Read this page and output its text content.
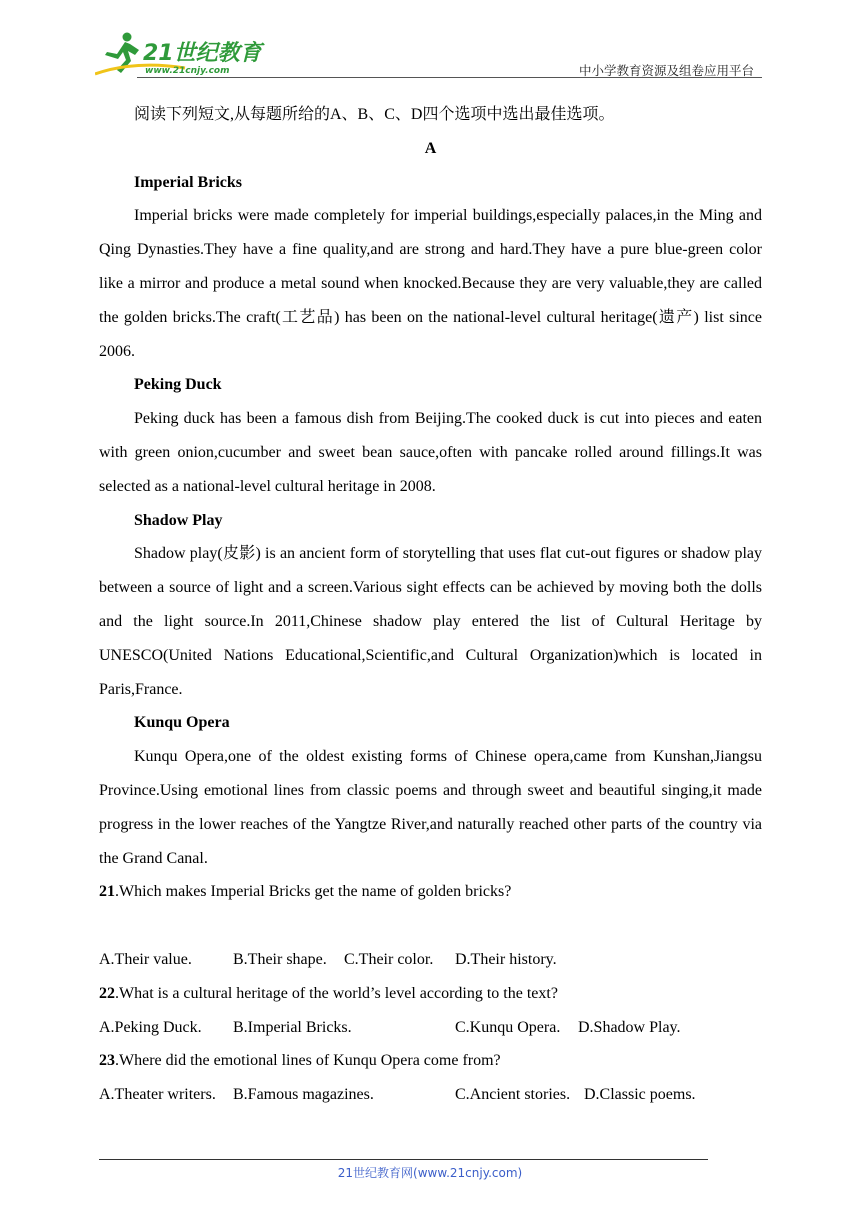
21世纪教育
www.21cnjy.com	中小学教育资源及组卷应用平台

阅读下列短文,从每题所给的A、B、C、D四个选项中选出最佳选项。

A

Imperial Bricks

Imperial bricks were made completely for imperial buildings,especially palaces,in the Ming and Qing Dynasties.They have a fine quality,and are strong and hard.They have a pure blue-green color like a mirror and produce a metal sound when knocked.Because they are very valuable,they are called the golden bricks.The craft(工艺品) has been on the national-level cultural heritage(遗产) list since 2006.

Peking Duck

Peking duck has been a famous dish from Beijing.The cooked duck is cut into pieces and eaten with green onion,cucumber and sweet bean sauce,often with pancake rolled around fillings.It was selected as a national-level cultural heritage in 2008.

Shadow Play

Shadow play(皮影) is an ancient form of storytelling that uses flat cut-out figures or shadow play between a source of light and a screen.Various sight effects can be achieved by moving both the dolls and the light source.In 2011,Chinese shadow play entered the list of Cultural Heritage by UNESCO(United Nations Educational,Scientific,and Cultural Organization)which is located in Paris,France.

Kunqu Opera

Kunqu Opera,one of the oldest existing forms of Chinese opera,came from Kunshan,Jiangsu Province.Using emotional lines from classic poems and through sweet and beautiful singing,it made progress in the lower reaches of the Yangtze River,and naturally reached other parts of the country via the Grand Canal.

21.Which makes Imperial Bricks get the name of golden bricks?

A.Their value.	B.Their shape. C.Their color. D.Their history.

22.What is a cultural heritage of the world’s level according to the text?

A.Peking Duck. B.Imperial Bricks.	C.Kunqu Opera. D.Shadow Play.

23.Where did the emotional lines of Kunqu Opera come from?

A.Theater writers. B.Famous magazines.	C.Ancient stories. D.Classic poems.
21世纪教育网(www.21cnjy.com)
